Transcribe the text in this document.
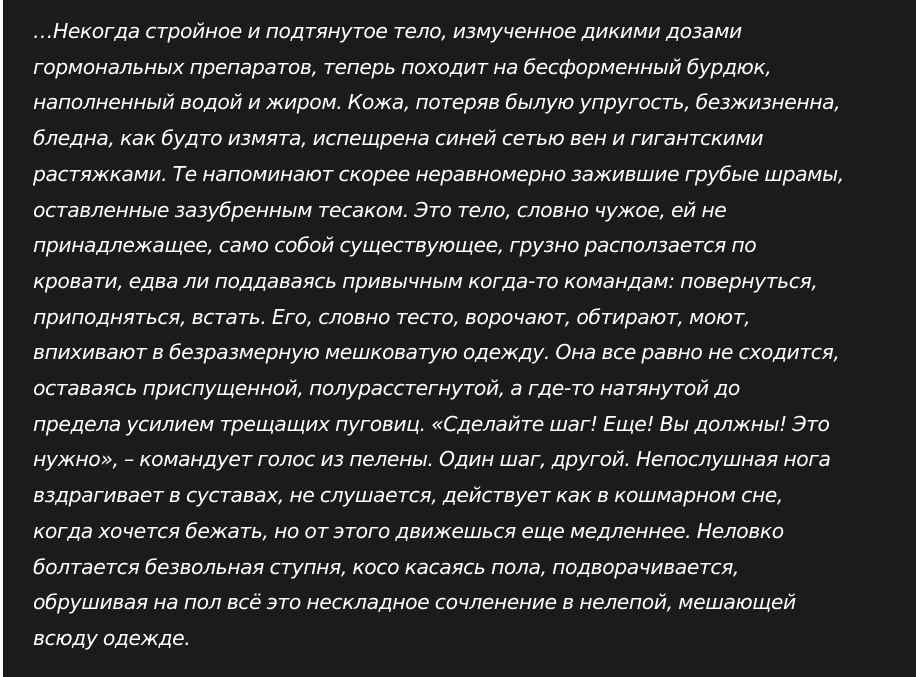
…Некогда стройное и подтянутое тело, измученное дикими дозами
гормональных препаратов, теперь походит на бесформенный бурдюк,
наполненный водой и жиром. Кожа, потеряв былую упругость, безжизненна,
бледна, как будто измята, испещрена синей сетью вен и гигантскими
растяжками. Те напоминают скорее неравномерно зажившие грубые шрамы,
оставленные зазубренным тесаком. Это тело, словно чужое, ей не
принадлежащее, само собой существующее, грузно расползается по
кровати, едва ли поддаваясь привычным когда-то командам: повернуться,
приподняться, встать. Его, словно тесто, ворочают, обтирают, моют,
впихивают в безразмерную мешковатую одежду. Она все равно не сходится,
оставаясь приспущенной, полурасстегнутой, а где-то натянутой до
предела усилием трещащих пуговиц. «Сделайте шаг! Еще! Вы должны! Это
нужно», – командует голос из пелены. Один шаг, другой. Непослушная нога
вздрагивает в суставах, не слушается, действует как в кошмарном сне,
когда хочется бежать, но от этого движешься еще медленнее. Неловко
болтается безвольная ступня, косо касаясь пола, подворачивается,
обрушивая на пол всё это нескладное сочленение в нелепой, мешающей
всюду одежде.
